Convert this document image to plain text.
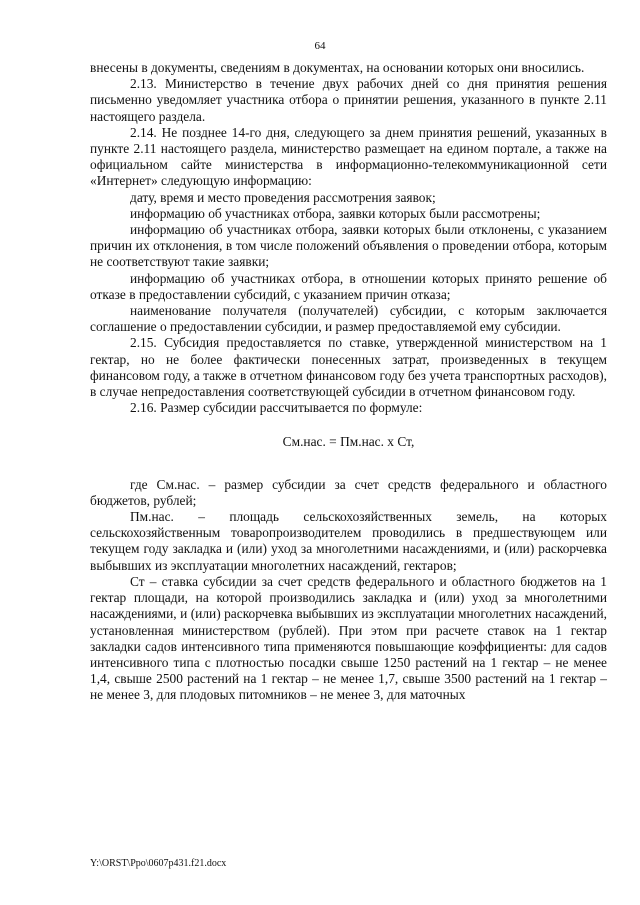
64

внесены в документы, сведениям в документах, на основании которых они вносились.

2.13. Министерство в течение двух рабочих дней со дня принятия решения письменно уведомляет участника отбора о принятии решения, указанного в пункте 2.11 настоящего раздела.

2.14. Не позднее 14-го дня, следующего за днем принятия решений, указанных в пункте 2.11 настоящего раздела, министерство размещает на едином портале, а также на официальном сайте министерства в информационно-телекоммуникационной сети «Интернет» следующую информацию:

дату, время и место проведения рассмотрения заявок;

информацию об участниках отбора, заявки которых были рассмотрены;

информацию об участниках отбора, заявки которых были отклонены, с указанием причин их отклонения, в том числе положений объявления о проведении отбора, которым не соответствуют такие заявки;

информацию об участниках отбора, в отношении которых принято решение об отказе в предоставлении субсидий, с указанием причин отказа;

наименование получателя (получателей) субсидии, с которым заключается соглашение о предоставлении субсидии, и размер предоставляемой ему субсидии.

2.15. Субсидия предоставляется по ставке, утвержденной министерством на 1 гектар, но не более фактически понесенных затрат, произведенных в текущем финансовом году, а также в отчетном финансовом году без учета транспортных расходов), в случае непредоставления соответствующей субсидии в отчетном финансовом году.

2.16. Размер субсидии рассчитывается по формуле:

См.нас. = Пм.нас. х Ст,

где См.нас. – размер субсидии за счет средств федерального и областного бюджетов, рублей;

Пм.нас. – площадь сельскохозяйственных земель, на которых сельскохозяйственным товаропроизводителем проводились в предшествующем или текущем году закладка и (или) уход за многолетними насаждениями, и (или) раскорчевка выбывших из эксплуатации многолетних насаждений, гектаров;

Ст – ставка субсидии за счет средств федерального и областного бюджетов на 1 гектар площади, на которой производились закладка и (или) уход за многолетними насаждениями, и (или) раскорчевка выбывших из эксплуатации многолетних насаждений, установленная министерством (рублей). При этом при расчете ставок на 1 гектар закладки садов интенсивного типа применяются повышающие коэффициенты: для садов интенсивного типа с плотностью посадки свыше 1250 растений на 1 гектар – не менее 1,4, свыше 2500 растений на 1 гектар – не менее 1,7, свыше 3500 растений на 1 гектар – не менее 3, для плодовых питомников – не менее 3, для маточных

Y:\ORST\Ppo\0607p431.f21.docx
